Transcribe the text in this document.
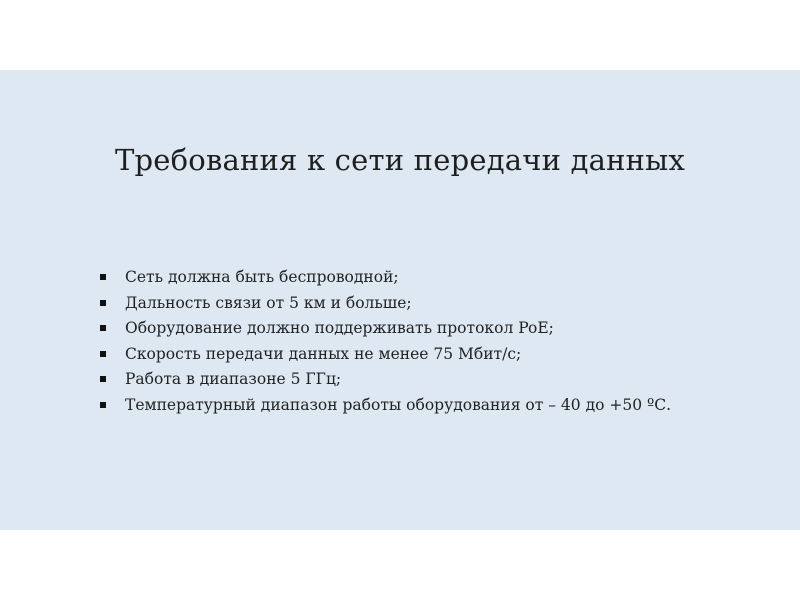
Требования к сети передачи данных
Сеть должна быть беспроводной;
Дальность связи от 5 км и больше;
Оборудование должно поддерживать протокол PoE;
Скорость передачи данных не менее 75 Мбит/с;
Работа в диапазоне 5 ГГц;
Температурный диапазон работы оборудования от – 40 до +50 ºС.
